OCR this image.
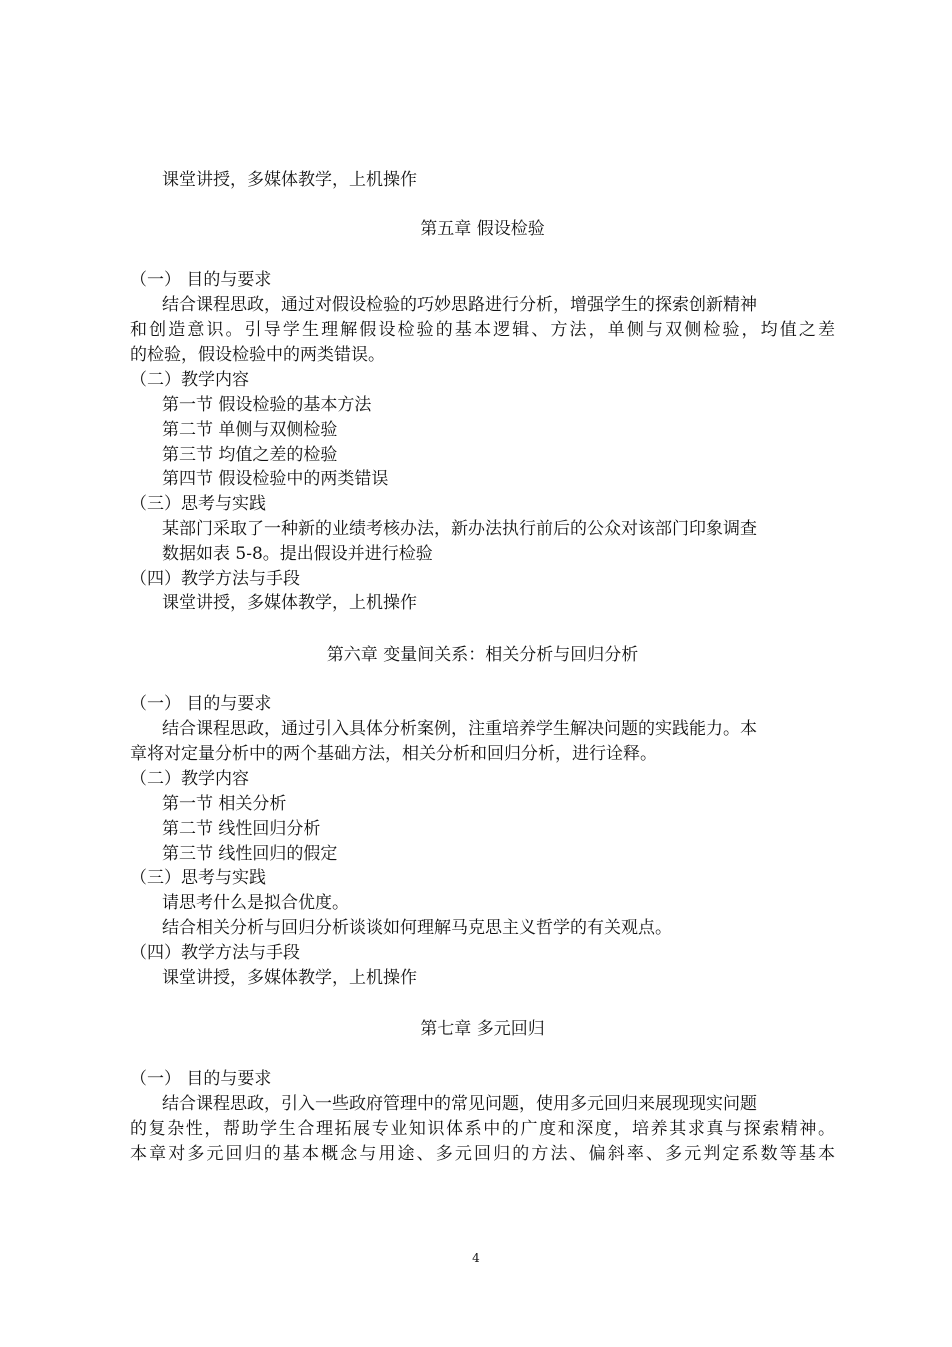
课堂讲授，多媒体教学，上机操作
第五章 假设检验
（一） 目的与要求
结合课程思政，通过对假设检验的巧妙思路进行分析，增强学生的探索创新精神
和创造意识。引导学生理解假设检验的基本逻辑、方法，单侧与双侧检验，均值之差
的检验，假设检验中的两类错误。
（二）教学内容
第一节 假设检验的基本方法
第二节 单侧与双侧检验
第三节 均值之差的检验
第四节 假设检验中的两类错误
（三）思考与实践
某部门采取了一种新的业绩考核办法，新办法执行前后的公众对该部门印象调查
数据如表 5-8。提出假设并进行检验
（四）教学方法与手段
课堂讲授，多媒体教学，上机操作
第六章 变量间关系：相关分析与回归分析
（一） 目的与要求
结合课程思政，通过引入具体分析案例，注重培养学生解决问题的实践能力。本
章将对定量分析中的两个基础方法，相关分析和回归分析，进行诠释。
（二）教学内容
第一节 相关分析
第二节 线性回归分析
第三节 线性回归的假定
（三）思考与实践
请思考什么是拟合优度。
结合相关分析与回归分析谈谈如何理解马克思主义哲学的有关观点。
（四）教学方法与手段
课堂讲授，多媒体教学，上机操作
第七章 多元回归
（一） 目的与要求
结合课程思政，引入一些政府管理中的常见问题，使用多元回归来展现现实问题
的复杂性，帮助学生合理拓展专业知识体系中的广度和深度，培养其求真与探索精神。
本章对多元回归的基本概念与用途、多元回归的方法、偏斜率、多元判定系数等基本
4
